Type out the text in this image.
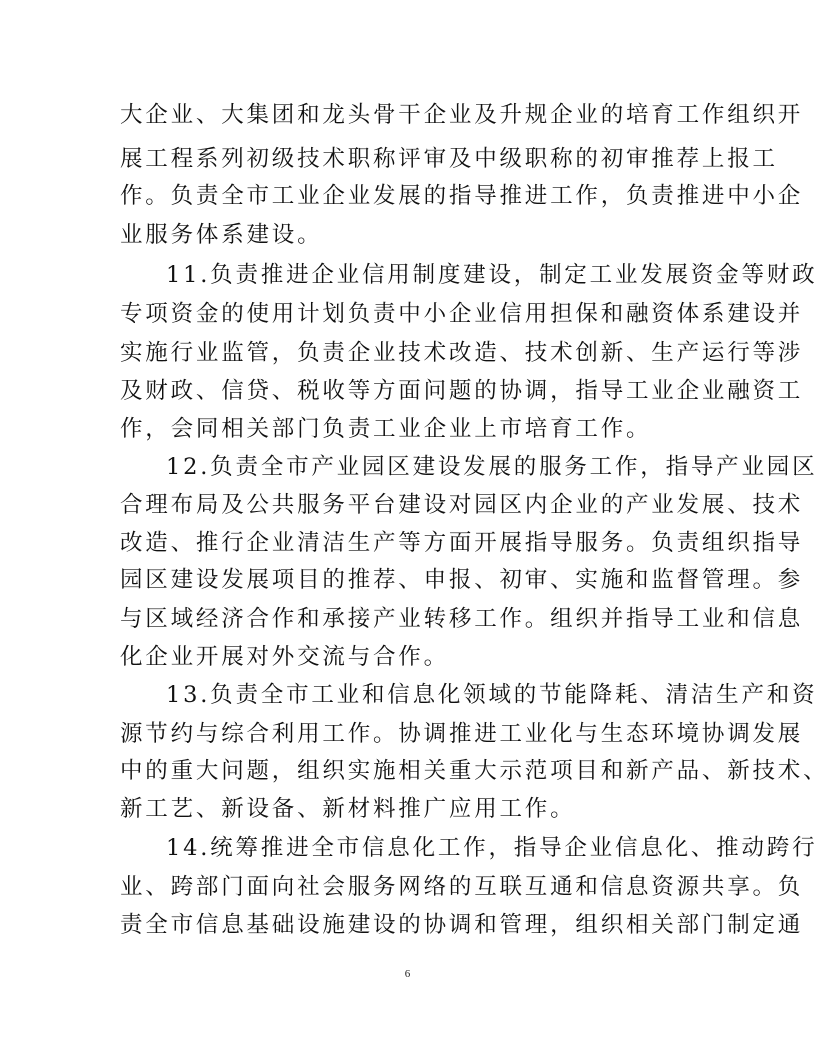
大企业、大集团和龙头骨干企业及升规企业的培育工作组织开
展工程系列初级技术职称评审及中级职称的初审推荐上报工
作。负责全市工业企业发展的指导推进工作，负责推进中小企
业服务体系建设。
11.负责推进企业信用制度建设，制定工业发展资金等财政
专项资金的使用计划负责中小企业信用担保和融资体系建设并
实施行业监管，负责企业技术改造、技术创新、生产运行等涉
及财政、信贷、税收等方面问题的协调，指导工业企业融资工
作，会同相关部门负责工业企业上市培育工作。
12.负责全市产业园区建设发展的服务工作，指导产业园区
合理布局及公共服务平台建设对园区内企业的产业发展、技术
改造、推行企业清洁生产等方面开展指导服务。负责组织指导
园区建设发展项目的推荐、申报、初审、实施和监督管理。参
与区域经济合作和承接产业转移工作。组织并指导工业和信息
化企业开展对外交流与合作。
13.负责全市工业和信息化领域的节能降耗、清洁生产和资
源节约与综合利用工作。协调推进工业化与生态环境协调发展
中的重大问题，组织实施相关重大示范项目和新产品、新技术、
新工艺、新设备、新材料推广应用工作。
14.统筹推进全市信息化工作，指导企业信息化、推动跨行
业、跨部门面向社会服务网络的互联互通和信息资源共享。负
责全市信息基础设施建设的协调和管理，组织相关部门制定通
6
